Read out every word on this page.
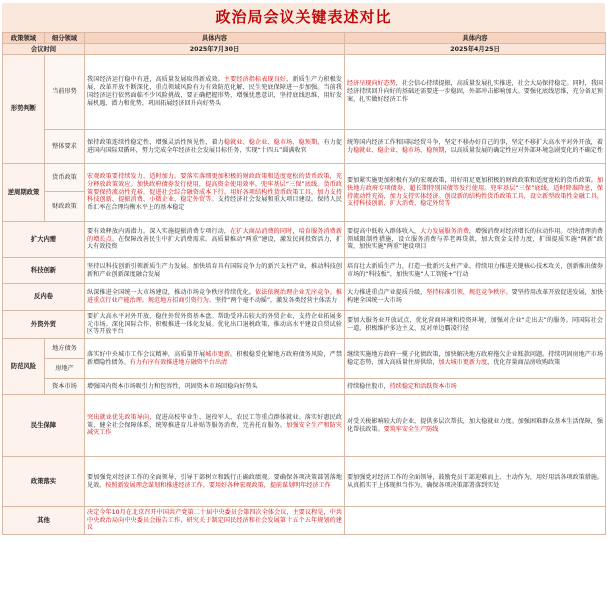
政治局会议关键表述对比
政策领域	细分领域	具体内容	具体内容
会议时间		2025年7月30日	2025年4月25日
形势判断	当前形势	我国经济运行稳中有进，高质量发展取得新成效。主要经济指标表现良好，新质生产力积极发展，改革开放不断深化，重点领域风险有力有效防范化解，民生兜底保障进一步加强。当前我国经济运行依然面临不少风险挑战，要正确把握形势，增强忧患意识，坚持底线思维，用好发展机遇、潜力和优势，巩固拓展经济回升向好势头	经济呈现向好态势，社会信心持续提振，高质量发展扎实推进，社会大局保持稳定。同时，我国经济持续回升向好的基础还需要进一步稳固，外部冲击影响加大。要强化底线思维，充分备足预案，扎实做好经济工作
	整体要求	保持政策连续性稳定性，增强灵活性预见性，着力稳就业、稳企业、稳市场、稳预期，有力促进国内国际双循环，努力完成全年经济社会发展目标任务，实现“十四五”圆满收官	统筹国内经济工作和国际经贸斗争，坚定不移办好自己的事，坚定不移扩大高水平对外开放，着力稳就业、稳企业、稳市场、稳预期，以高质量发展的确定性应对外部环境急剧变化的不确定性
逆周期政策	货币政策	宏观政策要持续发力、适时加力。要落实落细更加积极的财政政策和适度宽松的货币政策，充分释放政策效应。加快政府债券发行使用，提高资金使用效率。兜牢基层“三保”底线。货币政策要保持流动性充裕，促进社会综合融资成本下行。用好各项结构性货币政策工具，加力支持科技创新、提振消费、小微企业、稳定外贸等。支持经济社会发展和重大项目建设。保持人民币汇率在合理均衡水平上的基本稳定	要加紧实施更加积极有为的宏观政策，用好用足更加积极的财政政策和适度宽松的货币政策。加快地方政府专项债券、超长期特别国债等发行使用。兜牢基层“三保”底线。适时降准降息，保持流动性充裕，加力支持实体经济。创设新的结构性货币政策工具，设立新型政策性金融工具，支持科技创新、扩大消费、稳定外贸等
	财政政策		
扩大内需		要有效释放内需潜力。深入实施提振消费专项行动，在扩大商品消费的同时，培育服务消费新的增长点。在保障改善民生中扩大消费需求。高质量推动“两重”建设，激发民间投资活力，扩大有效投资	要提高中低收入群体收入，大力发展服务消费，增强消费对经济增长的拉动作用。尽快清理消费领域限制性措施，设立服务消费与养老再贷款，加大资金支持力度，扩围提质实施“两新”政策，加快实施“两重”建设项目
科技创新		坚持以科技创新引领新质生产力发展。加快培育具有国际竞争力的新兴支柱产业，推动科技创新和产业创新深度融合发展	培育壮大新质生产力，打造一批新兴支柱产业。持续用力推进关键核心技术攻关，创新推出债券市场的“科技板”，加快实施“人工智能+”行动
反内卷		纵深推进全国统一大市场建设，推动市场竞争秩序持续优化。依法依规治理企业无序竞争。推进重点行业产能治理。规范地方招商引资行为。坚持“两个毫不动摇”，激发各类经营主体活力	大力推进重点产业提质升级，坚持标准引领，规范竞争秩序。要坚持用改革开放促进发展，加快构建全国统一大市场
外资外贸		要扩大高水平对外开放，稳住外贸外资基本盘。帮助受冲击较大的外贸企业，支持企业拓展多元市场。深化国际合作，积极推进一体化发展。优化出口退税政策，推动高水平建设自贸试验区等开放平台	要加大服务业开放试点，优化营商环境和投资环境，加强对企业“走出去”的服务。同国际社会一道，积极维护多边主义，反对单边霸凌行径
防范风险	地方债务	落实好中央城市工作会议精神，高质量开展城市更新。积极稳妥化解地方政府债务风险，严禁新增隐性债务。有力有序有效推进地方融资平台出清	继续实施地方政府一揽子化债政策，加快解决地方政府拖欠企业账款问题。持续巩固房地产市场稳定态势，加大高质量住房供给，加大城市更新力度，优化存量商品房收购政策
	房地产		
	资本市场	增强国内资本市场吸引力和包容性，巩固资本市场回稳向好势头	持续稳住股市，持续稳定和活跃资本市场
民生保障		突出就业优先政策导向，促进高校毕业生、退役军人、农民工等重点群体就业。落实好惠民政策，健全社会保障体系，统筹推进育儿补贴等服务消费，完善托育服务。加强安全生产和防灾减灾工作	对受关税影响较大的企业，提供多层次帮扶，加大稳就业力度。加强困难群众基本生活保障，强化帮扶政策。要筑牢安全生产防线
政策落实		要加强党对经济工作的全面领导，引导干部树立和践行正确政绩观。要确保各项决策部署落地见效。按照新发展理念谋划和推进经济工作。要用好各种宏观政策，提前谋划明年经济工作	要加强党对经济工作的全面领导，鼓励党员干部迎难而上、主动作为，用好用活各项政策措施。从真抓实干上体现担当作为，确保各项决策部署落到实处
其他		决定今年10月在北京召开中国共产党第二十届中央委员会第四次全体会议，主要议程是，中共中央政治局向中央委员会报告工作，研究关于制定国民经济和社会发展第十五个五年规划的建议	
